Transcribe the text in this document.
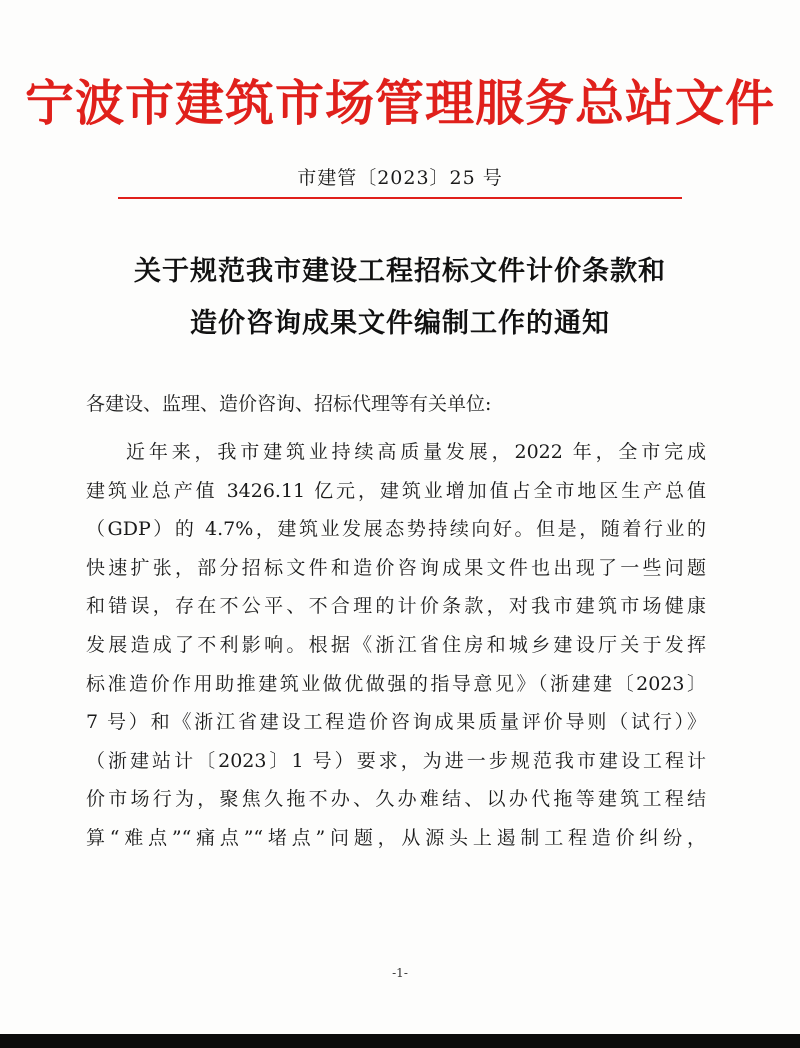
宁波市建筑市场管理服务总站文件
市建管〔2023〕25 号
关于规范我市建设工程招标文件计价条款和
造价咨询成果文件编制工作的通知
各建设、监理、造价咨询、招标代理等有关单位:
近年来，我市建筑业持续高质量发展，2022 年，全市完成
建筑业总产值 3426.11 亿元，建筑业增加值占全市地区生产总值
（GDP）的 4.7%，建筑业发展态势持续向好。但是，随着行业的
快速扩张，部分招标文件和造价咨询成果文件也出现了一些问题
和错误，存在不公平、不合理的计价条款，对我市建筑市场健康
发展造成了不利影响。根据《浙江省住房和城乡建设厅关于发挥
标准造价作用助推建筑业做优做强的指导意见》（浙建建〔2023〕
7 号）和《浙江省建设工程造价咨询成果质量评价导则（试行）》
（浙建站计〔2023〕1 号）要求，为进一步规范我市建设工程计
价市场行为，聚焦久拖不办、久办难结、以办代拖等建筑工程结
算“难点”“痛点”“堵点”问题，从源头上遏制工程造价纠纷，
-1-
